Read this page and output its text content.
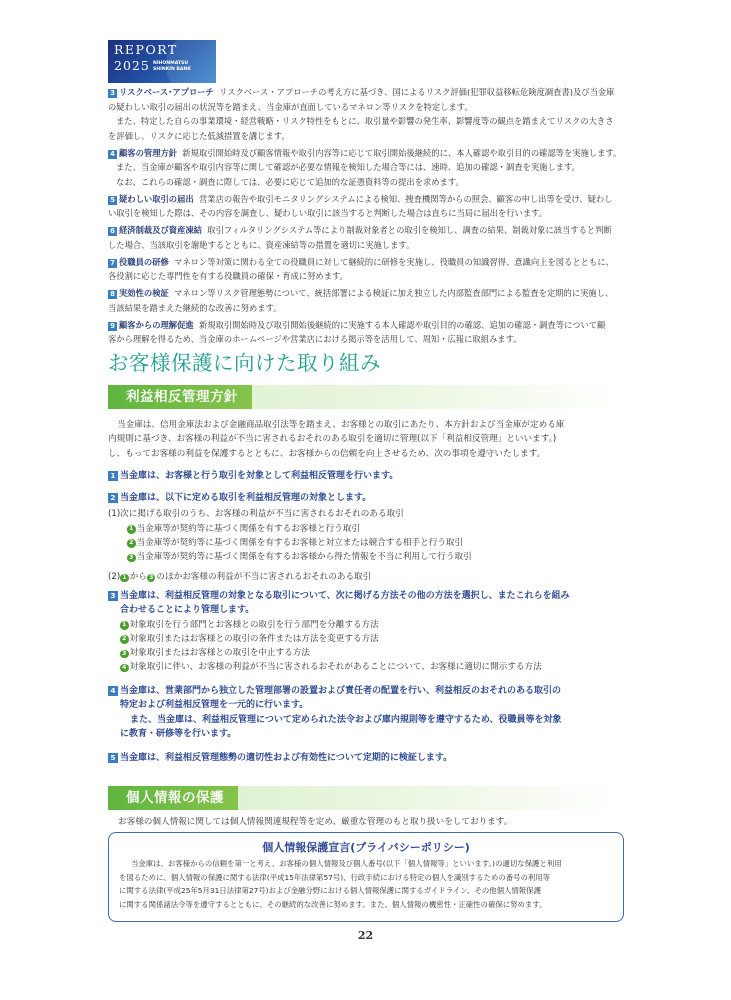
REPORT
2025 NIHONMATSU
SHINKIN BANK
3 リスクベース･アプローチ リスクベース・アプローチの考え方に基づき、国によるリスク評価(犯罪収益移転危険度調査書)及び当金庫
の疑わしい取引の届出の状況等を踏まえ、当金庫が直面しているマネロン等リスクを特定します。
また、特定した自らの事業環境・経営戦略・リスク特性をもとに、取引量や影響の発生率、影響度等の観点を踏まえてリスクの大きさ
を評価し、リスクに応じた低減措置を講じます。
4 顧客の管理方針 新規取引開始時及び顧客情報や取引内容等に応じて取引開始後継続的に、本人確認や取引目的の確認等を実施します。
また、当金庫が顧客や取引内容等に関して確認が必要な情報を検知した場合等には、速時、追加の確認・調査を実施します。
なお、これらの確認・調査に際しては、必要に応じて追加的な証憑資料等の提出を求めます。
5 疑わしい取引の届出 営業店の報告や取引モニタリングシステムによる検知、捜査機関等からの照会、顧客の申し出等を受け、疑わし
い取引を検知した際は、その内容を調査し、疑わしい取引に該当すると判断した場合は直ちに当局に届出を行います。
6 経済制裁及び資産凍結 取引フィルタリングシステム等により制裁対象者との取引を検知し、調査の結果、制裁対象に該当すると判断
した場合、当該取引を謝絶するとともに、資産凍結等の措置を適切に実施します。
7 役職員の研修 マネロン等対策に関わる全ての役職員に対して継続的に研修を実施し、役職員の知識習得、意識向上を図るとともに、
各役割に応じた専門性を有する役職員の確保・育成に努めます。
8 実効性の検証 マネロン等リスク管理態勢について、統括部署による検証に加え独立した内部監査部門による監査を定期的に実施し、
当該結果を踏まえた継続的な改善に努めます。
9 顧客からの理解促進 新規取引開始時及び取引開始後継続的に実施する本人確認や取引目的の確認、追加の確認・調査等について顧
客から理解を得るため、当金庫のホームページや営業店における掲示等を活用して、周知・広報に取組みます。
お客様保護に向けた取り組み
利益相反管理方針
当金庫は、信用金庫法および金融商品取引法等を踏まえ、お客様との取引にあたり、本方針および当金庫が定める庫
内規則に基づき、お客様の利益が不当に害されるおそれのある取引を適切に管理(以下「利益相反管理」といいます。)
し、もってお客様の利益を保護するとともに、お客様からの信頼を向上させるため、次の事項を遵守いたします。
1 当金庫は、お客様と行う取引を対象として利益相反管理を行います。
2 当金庫は、以下に定める取引を利益相反管理の対象とします。
(1)次に掲げる取引のうち、お客様の利益が不当に害されるおそれのある取引
1 当金庫等が契約等に基づく関係を有するお客様と行う取引
2 当金庫等が契約等に基づく関係を有するお客様と対立または競合する相手と行う取引
3 当金庫等が契約等に基づく関係を有するお客様から得た情報を不当に利用して行う取引
(2) 1 から 3 のほかお客様の利益が不当に害されるおそれのある取引
3 当金庫は、利益相反管理の対象となる取引について、次に掲げる方法その他の方法を選択し、またこれらを組み
合わせることにより管理します。
1 対象取引を行う部門とお客様との取引を行う部門を分離する方法
2 対象取引またはお客様との取引の条件または方法を変更する方法
3 対象取引またはお客様との取引を中止する方法
4 対象取引に伴い、お客様の利益が不当に害されるおそれがあることについて、お客様に適切に開示する方法
4 当金庫は、営業部門から独立した管理部署の設置および責任者の配置を行い、利益相反のおそれのある取引の
特定および利益相反管理を一元的に行います。
また、当金庫は、利益相反管理について定められた法令および庫内規則等を遵守するため、役職員等を対象
に教育・研修等を行います。
5 当金庫は、利益相反管理態勢の適切性および有効性について定期的に検証します。
個人情報の保護
お客様の個人情報に関しては個人情報関連規程等を定め、厳重な管理のもと取り扱いをしております。
個人情報保護宣言(プライバシーポリシー)
当金庫は、お客様からの信頼を第一と考え、お客様の個人情報及び個人番号(以下「個人情報等」といいます。)の適切な保護と利用
を図るために、個人情報の保護に関する法律(平成15年法律第57号)、行政手続における特定の個人を識別するための番号の利用等
に関する法律(平成25年5月31日法律第27号)および金融分野における個人情報保護に関するガイドライン、その他個人情報保護
に関する関係諸法令等を遵守するとともに、その継続的な改善に努めます。また、個人情報の機密性・正確性の確保に努めます。
22
